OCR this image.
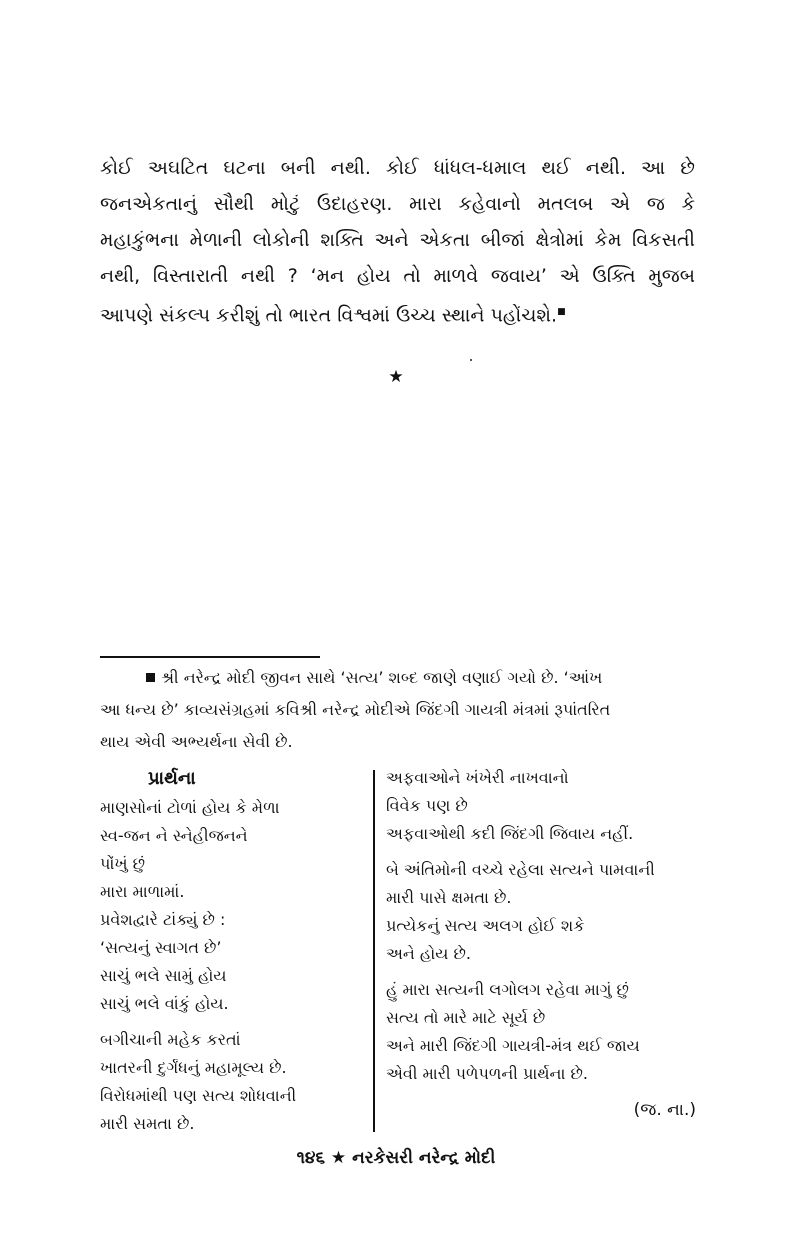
કોઈ અઘટિત ઘટના બની નથી. કોઈ ધાંધલ-ધમાલ થઈ નથી. આ છે
જનએકતાનું સૌથી મોટું ઉદાહરણ. મારા કહેવાનો મતલબ એ જ કે
મહાકુંભના મેળાની લોકોની શક્તિ અને એકતા બીજાં ક્ષેત્રોમાં કેમ વિકસતી
નથી, વિસ્તારાતી નથી ? ‘મન હોય તો માળવે જવાય’ એ ઉક્તિ મુજબ
આપણે સંકલ્પ કરીશું તો ભારત વિશ્વમાં ઉચ્ચ સ્થાને પહોંચશે.■
★
શ્રી નરેન્દ્ર મોદી જીવન સાથે ‘સત્ય’ શબ્દ જાણે વણાઈ ગયો છે. ‘આંખ
આ ધન્ય છે’ કાવ્યસંગ્રહમાં કવિશ્રી નરેન્દ્ર મોદીએ જિંદગી ગાયત્રી મંત્રમાં રૂપાંતરિત
થાય એવી અભ્યર્થના સેવી છે.
પ્રાર્થના
માણસોનાં ટોળાં હોય કે મેળા
સ્વ-જન ને સ્નેહીજનને
પોંખું છું
મારા માળામાં.
પ્રવેશદ્વારે ટાંક્યું છે :
‘સત્યનું સ્વાગત છે’
સાચું ભલે સામું હોય
સાચું ભલે વાંકું હોય.
બગીચાની મહેક કરતાં
ખાતરની દુર્ગંધનું મહામૂલ્ય છે.
વિરોધમાંથી પણ સત્ય શોધવાની
મારી સમતા છે.
અફવાઓને ખંખેરી નાખવાનો
વિવેક પણ છે
અફવાઓથી કદી જિંદગી જિવાય નહીં.
બે અંતિમોની વચ્ચે રહેલા સત્યને પામવાની
મારી પાસે ક્ષમતા છે.
પ્રત્યેકનું સત્ય અલગ હોઈ શકે
અને હોય છે.
હું મારા સત્યની લગોલગ રહેવા માગું છું
સત્ય તો મારે માટે સૂર્ય છે
અને મારી જિંદગી ગાયત્રી-મંત્ર થઈ જાય
એવી મારી પળેપળની પ્રાર્થના છે.
(જ. ના.)
૧૪૬ ★ નરકેસરી નરેન્દ્ર મોદી
